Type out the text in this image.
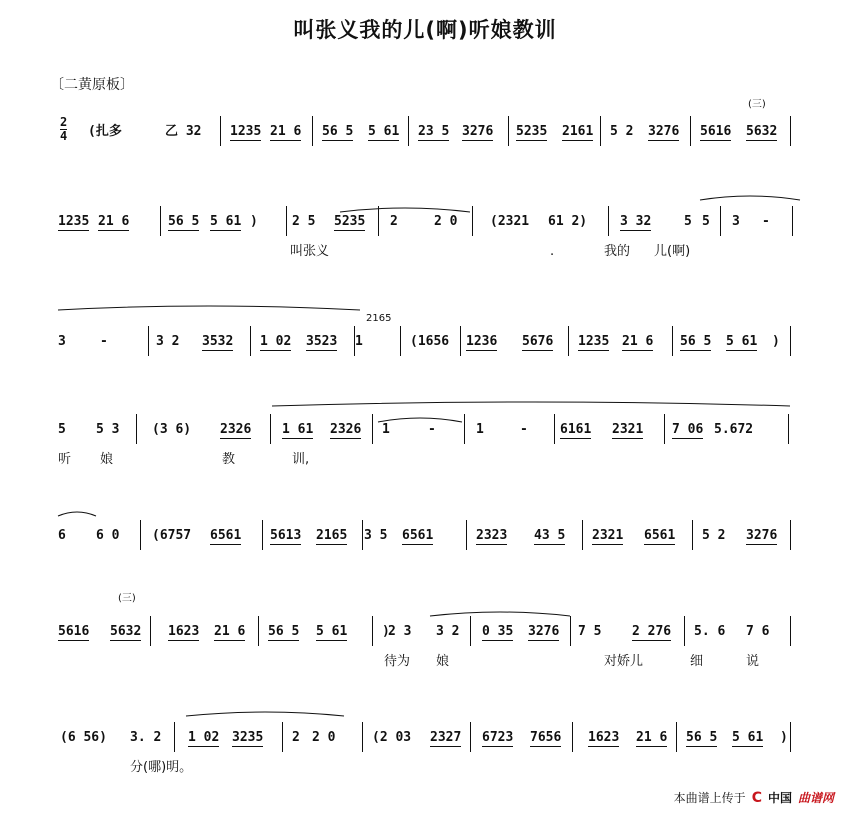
叫张义我的儿(啊)听娘教训
〔二黄原板〕
(扎多	乙 32 1235 21 6 56 5 5 61 23 5 3276 5235 2161 5 2 3276 5616 5632
(三)
1235 21 6	56 5 5 61 )	2 5 5235 2	2 0	(2321 61 2)	3 32	5 5 3 -
叫张义	.	我的 儿(啊)
3	-	3 2 3532 1 02 3523 1	(1656 1236 5676 1235 21 6 56 5 5 61 )
2165
5 5 3	(3 6) 2326 1 61 2326 1	-	1	- 6161 2321 7 06 5.672
听 娘	教	训,
6 6 0	(6757 6561 5613 2165 3 5 6561	2323 43 5 2321 6561 5 2 3276
5616 5632 1623 21 6 56 5 5 61	)
2 3 3 2 0 35 3276 7 5 2 276 5. 6 7 6
待为 娘	对娇儿	细	说
(三)
(6 56) 3. 2 1 02 3235 2 2 0	(2 03 2327 6723 7656 1623 21 6 56 5 5 61 )
分(哪)明。
本曲谱上传于 C 中国 曲谱网
2
4
